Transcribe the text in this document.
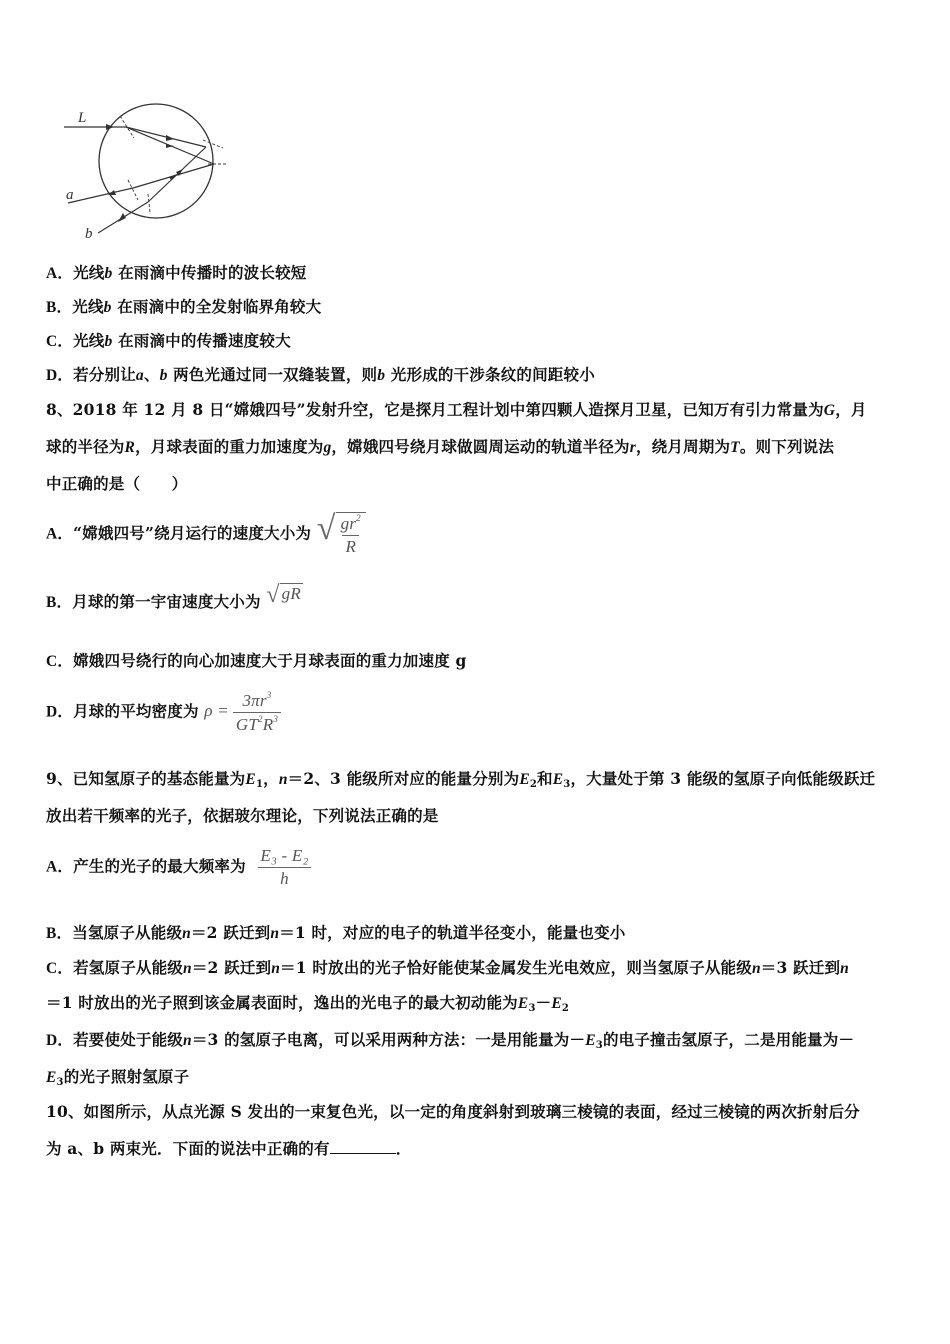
L
a
b
A．光线b 在雨滴中传播时的波长较短
B．光线b 在雨滴中的全发射临界角较大
C．光线b 在雨滴中的传播速度较大
D．若分别让a、b 两色光通过同一双缝装置，则b 光形成的干涉条纹的间距较小
8、2018 年 12 月 8 日“嫦娥四号”发射升空，它是探月工程计划中第四颗人造探月卫星，已知万有引力常量为G，月
球的半径为R，月球表面的重力加速度为g，嫦娥四号绕月球做圆周运动的轨道半径为r，绕月周期为T。则下列说法
中正确的是（　　）
A．“嫦娥四号”绕月运行的速度大小为 √ $\frac{gr^2}{R}$
B．月球的第一宇宙速度大小为 √ gR
C．嫦娥四号绕行的向心加速度大于月球表面的重力加速度 g
D．月球的平均密度为 $\rho = \frac{3\pi r^3}{GT^2R^3}$
9、已知氢原子的基态能量为$E_1$，n＝2、3 能级所对应的能量分别为$E_2$和$E_3$，大量处于第 3 能级的氢原子向低能级跃迁
放出若干频率的光子，依据玻尔理论，下列说法正确的是
A．产生的光子的最大频率为 $\frac{\text{E₃ - E₂}}{h}$
B．当氢原子从能级n＝2 跃迁到n＝1 时，对应的电子的轨道半径变小，能量也变小
C．若氢原子从能级n＝2 跃迁到n＝1 时放出的光子恰好能使某金属发生光电效应，则当氢原子从能级n＝3 跃迁到n
＝1 时放出的光子照到该金属表面时，逸出的光电子的最大初动能为$E_3-E_2$
D．若要使处于能级n＝3 的氢原子电离，可以采用两种方法：一是用能量为$-E_3$的电子撞击氢原子，二是用能量为－
$E_3$的光子照射氢原子
10、如图所示，从点光源 S 发出的一束复色光，以一定的角度斜射到玻璃三棱镜的表面，经过三棱镜的两次折射后分
为 a、b 两束光．下面的说法中正确的有	．
